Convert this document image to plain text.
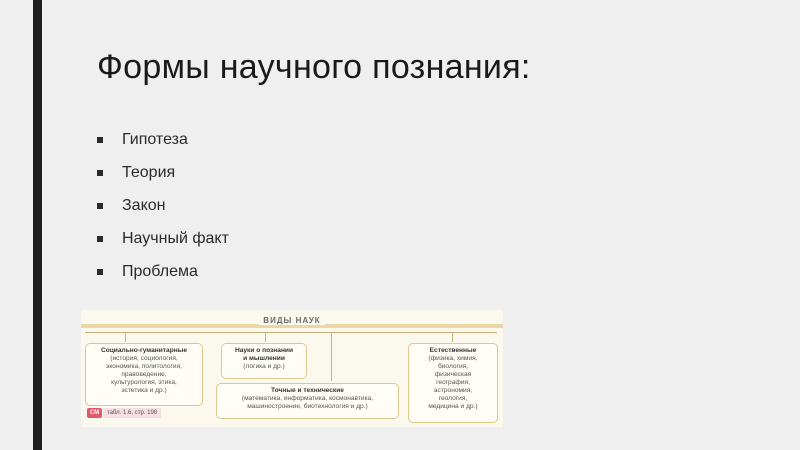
Формы научного познания:
Гипотеза
Теория
Закон
Научный факт
Проблема
ВИДЫ НАУК
Социально-гуманитарные
(история, социология,
экономика, политология,
правоведение,
культурология, этика,
эстетика и др.)
Науки о познании
и мышлении
(логика и др.)
Точные и технические
(математика, информатика, космонавтика,
машиностроение, биотехнология и др.)
Естественные
(физика, химия,
биология,
физическая
география,
астрономия,
геология,
медицина и др.)
СМ	табл. 1.6, стр. 198
